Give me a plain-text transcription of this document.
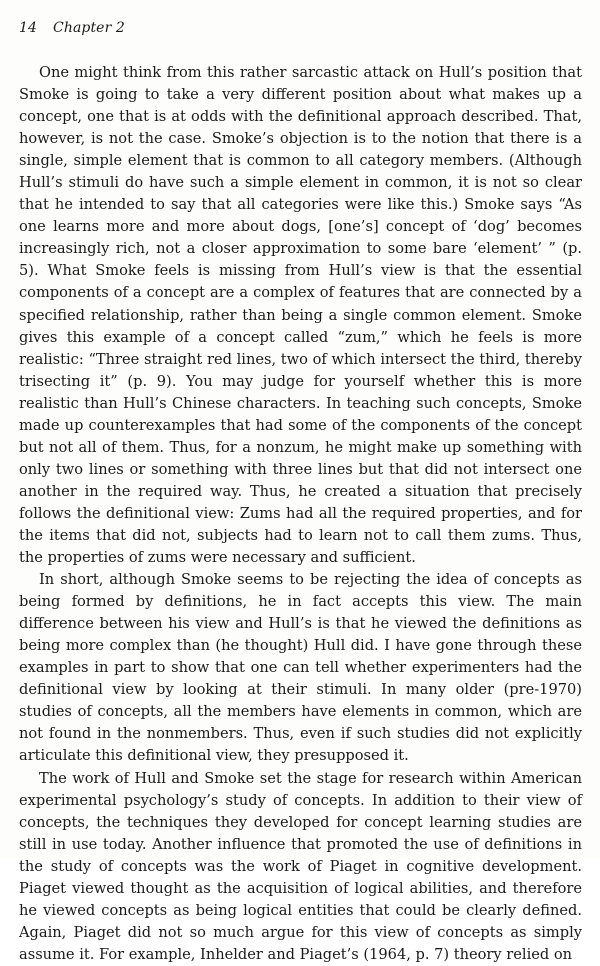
14 Chapter 2

One might think from this rather sarcastic attack on Hull’s position that Smoke is going to take a very different position about what makes up a concept, one that is at odds with the definitional approach described. That, however, is not the case. Smoke’s objection is to the notion that there is a single, simple element that is common to all category members. (Although Hull’s stimuli do have such a simple element in common, it is not so clear that he intended to say that all categories were like this.) Smoke says “As one learns more and more about dogs, [one’s] concept of ‘dog’ becomes increasingly rich, not a closer approximation to some bare ‘element’ ” (p. 5). What Smoke feels is missing from Hull’s view is that the essential components of a concept are a complex of features that are connected by a specified relationship, rather than being a single common element. Smoke gives this example of a concept called “zum,” which he feels is more realistic: “Three straight red lines, two of which intersect the third, thereby trisecting it” (p. 9). You may judge for yourself whether this is more realistic than Hull’s Chinese characters. In teaching such concepts, Smoke made up counterexamples that had some of the components of the concept but not all of them. Thus, for a nonzum, he might make up something with only two lines or something with three lines but that did not intersect one another in the required way. Thus, he created a situation that precisely follows the definitional view: Zums had all the required properties, and for the items that did not, subjects had to learn not to call them zums. Thus, the properties of zums were necessary and sufficient.

In short, although Smoke seems to be rejecting the idea of concepts as being formed by definitions, he in fact accepts this view. The main difference between his view and Hull’s is that he viewed the definitions as being more complex than (he thought) Hull did. I have gone through these examples in part to show that one can tell whether experimenters had the definitional view by looking at their stimuli. In many older (pre-1970) studies of concepts, all the members have elements in common, which are not found in the nonmembers. Thus, even if such studies did not explicitly articulate this definitional view, they presupposed it.

The work of Hull and Smoke set the stage for research within American experimental psychology’s study of concepts. In addition to their view of concepts, the techniques they developed for concept learning studies are still in use today. Another influence that promoted the use of definitions in the study of concepts was the work of Piaget in cognitive development. Piaget viewed thought as the acquisition of logical abilities, and therefore he viewed concepts as being logical entities that could be clearly defined. Again, Piaget did not so much argue for this view of concepts as simply assume it. For example, Inhelder and Piaget’s (1964, p. 7) theory relied on
